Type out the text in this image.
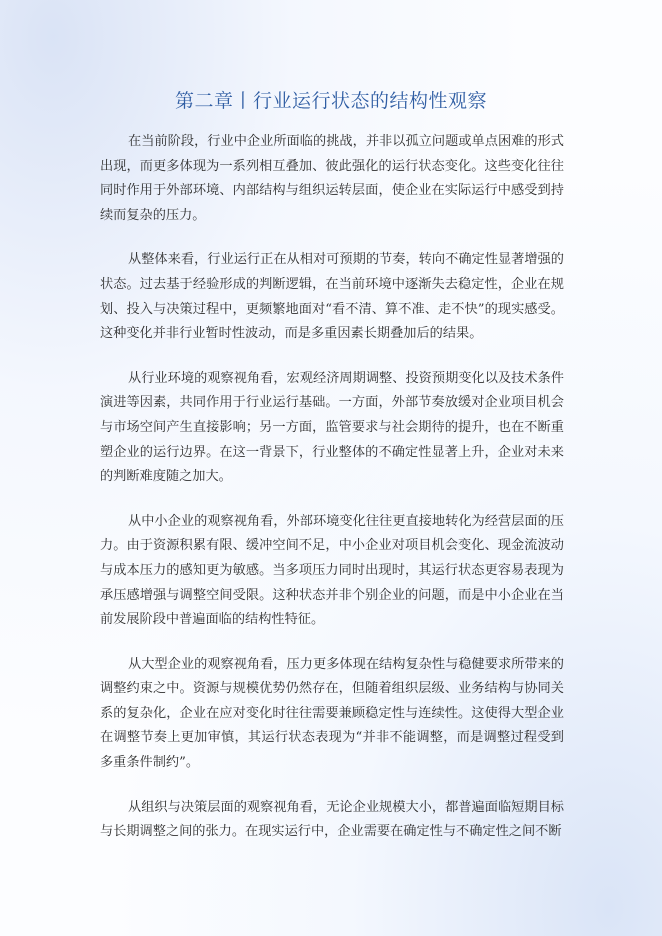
第二章丨行业运行状态的结构性观察

在当前阶段，行业中企业所面临的挑战，并非以孤立问题或单点困难的形式出现，而更多体现为一系列相互叠加、彼此强化的运行状态变化。这些变化往往同时作用于外部环境、内部结构与组织运转层面，使企业在实际运行中感受到持续而复杂的压力。

从整体来看，行业运行正在从相对可预期的节奏，转向不确定性显著增强的状态。过去基于经验形成的判断逻辑，在当前环境中逐渐失去稳定性，企业在规划、投入与决策过程中，更频繁地面对“看不清、算不准、走不快”的现实感受。这种变化并非行业暂时性波动，而是多重因素长期叠加后的结果。

从行业环境的观察视角看，宏观经济周期调整、投资预期变化以及技术条件演进等因素，共同作用于行业运行基础。一方面，外部节奏放缓对企业项目机会与市场空间产生直接影响；另一方面，监管要求与社会期待的提升，也在不断重塑企业的运行边界。在这一背景下，行业整体的不确定性显著上升，企业对未来的判断难度随之加大。

从中小企业的观察视角看，外部环境变化往往更直接地转化为经营层面的压力。由于资源积累有限、缓冲空间不足，中小企业对项目机会变化、现金流波动与成本压力的感知更为敏感。当多项压力同时出现时，其运行状态更容易表现为承压感增强与调整空间受限。这种状态并非个别企业的问题，而是中小企业在当前发展阶段中普遍面临的结构性特征。

从大型企业的观察视角看，压力更多体现在结构复杂性与稳健要求所带来的调整约束之中。资源与规模优势仍然存在，但随着组织层级、业务结构与协同关系的复杂化，企业在应对变化时往往需要兼顾稳定性与连续性。这使得大型企业在调整节奏上更加审慎，其运行状态表现为“并非不能调整，而是调整过程受到多重条件制约”。

从组织与决策层面的观察视角看，无论企业规模大小，都普遍面临短期目标与长期调整之间的张力。在现实运行中，企业需要在确定性与不确定性之间不断
